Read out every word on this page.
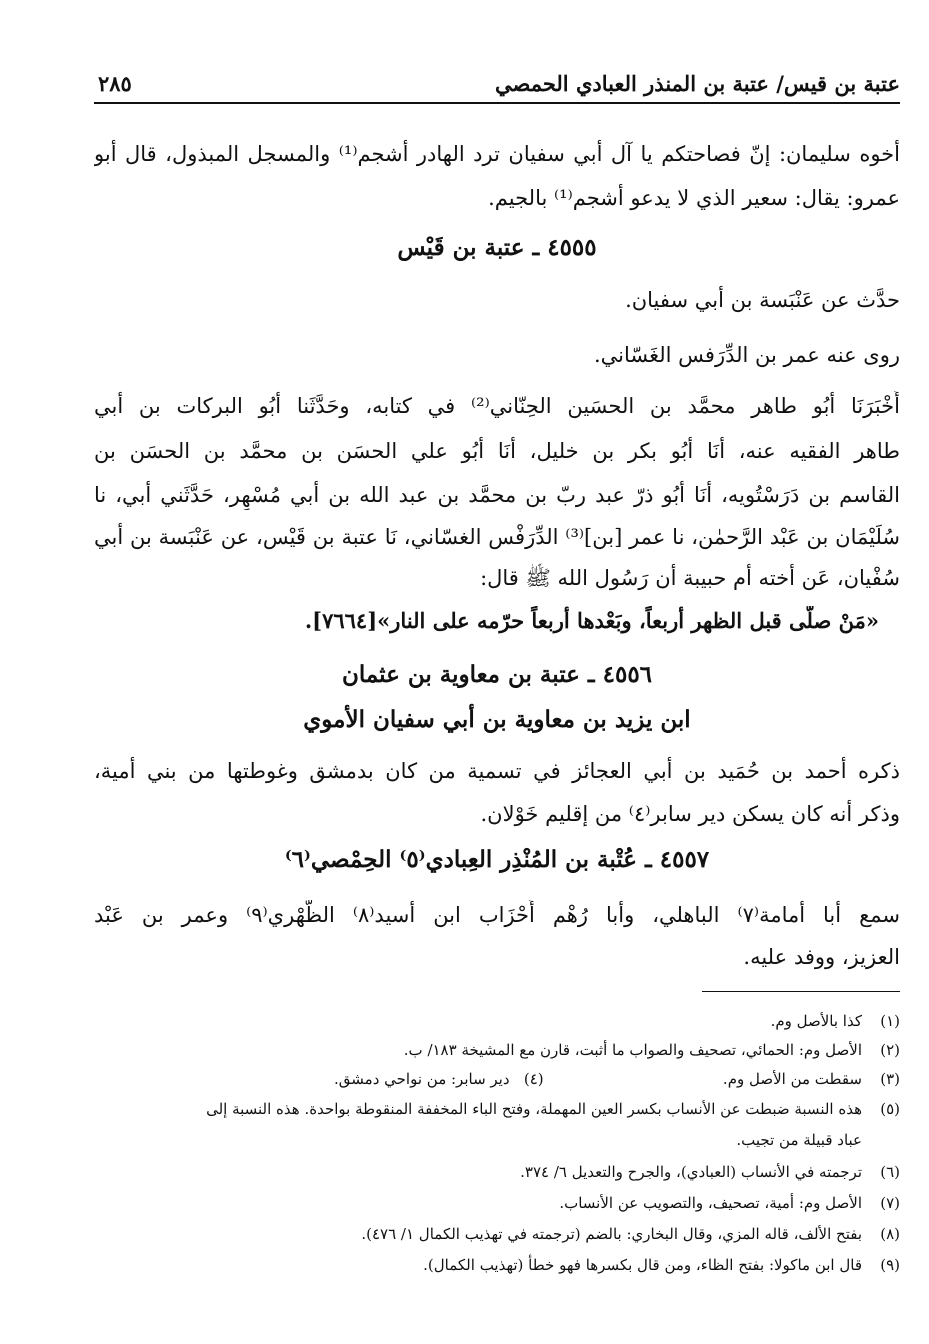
عتبة بن قيس/ عتبة بن المنذر العبادي الحمصي
٢٨٥
أخوه سليمان: إنّ فصاحتكم يا آل أبي سفيان ترد الهادر أشجم⁽¹⁾ والمسجل المبذول، قال أبو
عمرو: يقال: سعير الذي لا يدعو أشجم⁽¹⁾ بالجيم.
٤٥٥٥ ـ عتبة بن قَيْس
حدَّث عن عَنْبَسة بن أبي سفيان.
روى عنه عمر بن الدِّرَفس الغَسّاني.
أَخْبَرَنَا أبُو طاهر محمَّد بن الحسَين الحِنّاني⁽²⁾ في كتابه، وحَدَّثَنا أبُو البركات بن أبي
طاهر الفقيه عنه، أنَا أبُو بكر بن خليل، أنَا أبُو علي الحسَن بن محمَّد بن الحسَن بن
القاسم بن دَرَسْتُويه، أنَا أبُو ذرّ عبد ربّ بن محمَّد بن عبد الله بن أبي مُسْهِر، حَدَّثَني أبي، نا
سُلَيْمَان بن عَبْد الرَّحمٰن، نا عمر [بن]⁽³⁾ الدِّرَفْس الغسّاني، نَا عتبة بن قَيْس، عن عَنْبَسة بن أبي
سُفْيان، عَن أخته أم حبيبة أن رَسُول الله ﷺ قال:
«مَنْ صلّى قبل الظهر أربعاً، وبَعْدها أربعاً حرّمه على النار»[٧٦٦٤].
٤٥٥٦ ـ عتبة بن معاوية بن عثمان
ابن يزيد بن معاوية بن أبي سفيان الأموي
ذكره أحمد بن حُمَيد بن أبي العجائز في تسمية من كان بدمشق وغوطتها من بني أمية،
وذكر أنه كان يسكن دير سابر⁽٤⁾ من إقليم خَوْلان.
٤٥٥٧ ـ عُتْبة بن المُنْذِر العِبادي⁽٥⁾ الحِمْصي⁽٦⁾
سمع أبا أمامة⁽٧⁾ الباهلي، وأبا رُهْم أَحْزَاب ابن أسيد⁽٨⁾ الظَّهْري⁽٩⁾ وعمر بن عَبْد
العزيز، ووفد عليه.
(١)كذا بالأصل وم.
(٢)الأصل وم: الحمائي، تصحيف والصواب ما أثبت، قارن مع المشيخة ١٨٣/ ب.
(٣)سقطت من الأصل وم.
(٤)   دير سابر: من نواحي دمشق.
(٥)هذه النسبة ضبطت عن الأنساب بكسر العين المهملة، وفتح الباء المخففة المنقوطة بواحدة. هذه النسبة إلى
عباد قبيلة من تجيب.
(٦)ترجمته في الأنساب (العبادي)، والجرح والتعديل ٦/ ٣٧٤.
(٧)الأصل وم: أمية، تصحيف، والتصويب عن الأنساب.
(٨)بفتح الألف، قاله المزي، وقال البخاري: بالضم (ترجمته في تهذيب الكمال ١/ ٤٧٦).
(٩)قال ابن ماكولا: بفتح الظاء، ومن قال بكسرها فهو خطأ (تهذيب الكمال).
